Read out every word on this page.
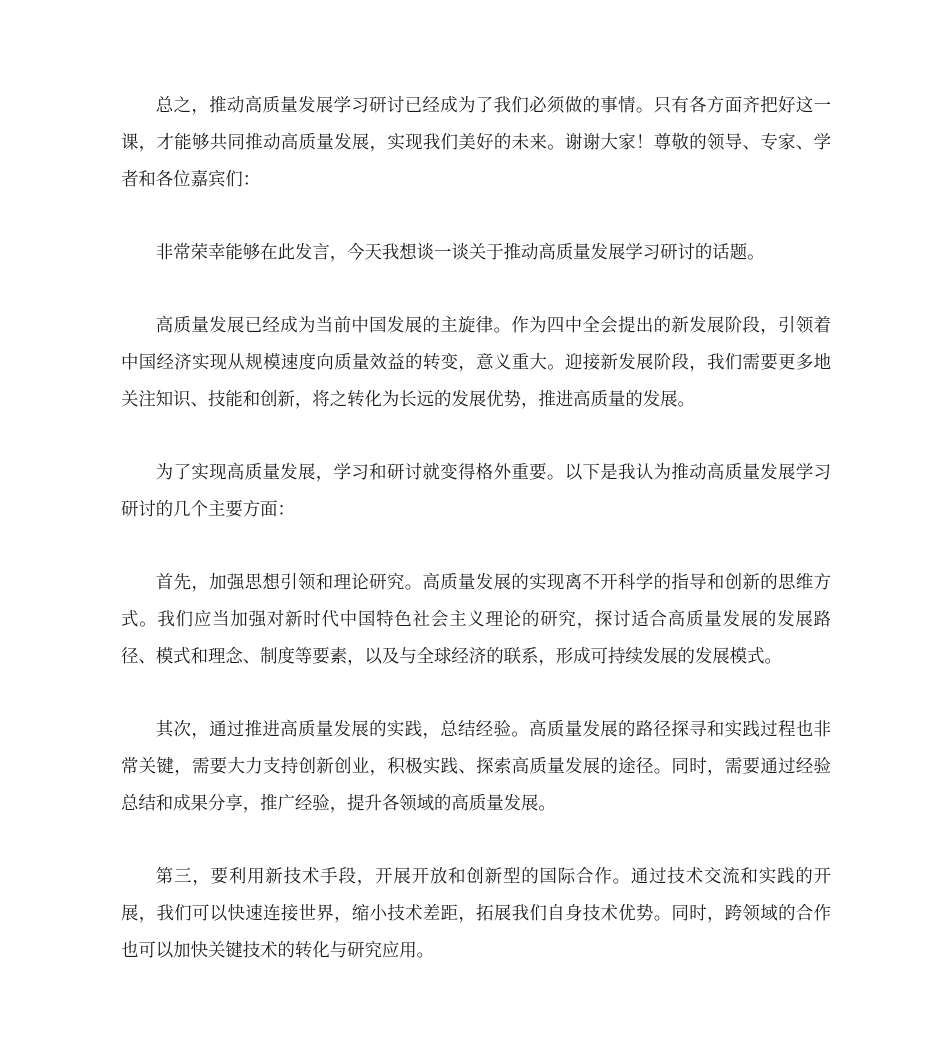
总之，推动高质量发展学习研讨已经成为了我们必须做的事情。只有各方面齐把好这一课，才能够共同推动高质量发展，实现我们美好的未来。谢谢大家！尊敬的领导、专家、学者和各位嘉宾们：

非常荣幸能够在此发言，今天我想谈一谈关于推动高质量发展学习研讨的话题。

高质量发展已经成为当前中国发展的主旋律。作为四中全会提出的新发展阶段，引领着中国经济实现从规模速度向质量效益的转变，意义重大。迎接新发展阶段，我们需要更多地关注知识、技能和创新，将之转化为长远的发展优势，推进高质量的发展。

为了实现高质量发展，学习和研讨就变得格外重要。以下是我认为推动高质量发展学习研讨的几个主要方面：

首先，加强思想引领和理论研究。高质量发展的实现离不开科学的指导和创新的思维方式。我们应当加强对新时代中国特色社会主义理论的研究，探讨适合高质量发展的发展路径、模式和理念、制度等要素，以及与全球经济的联系，形成可持续发展的发展模式。

其次，通过推进高质量发展的实践，总结经验。高质量发展的路径探寻和实践过程也非常关键，需要大力支持创新创业，积极实践、探索高质量发展的途径。同时，需要通过经验总结和成果分享，推广经验，提升各领域的高质量发展。

第三，要利用新技术手段，开展开放和创新型的国际合作。通过技术交流和实践的开展，我们可以快速连接世界，缩小技术差距，拓展我们自身技术优势。同时，跨领域的合作也可以加快关键技术的转化与研究应用。
